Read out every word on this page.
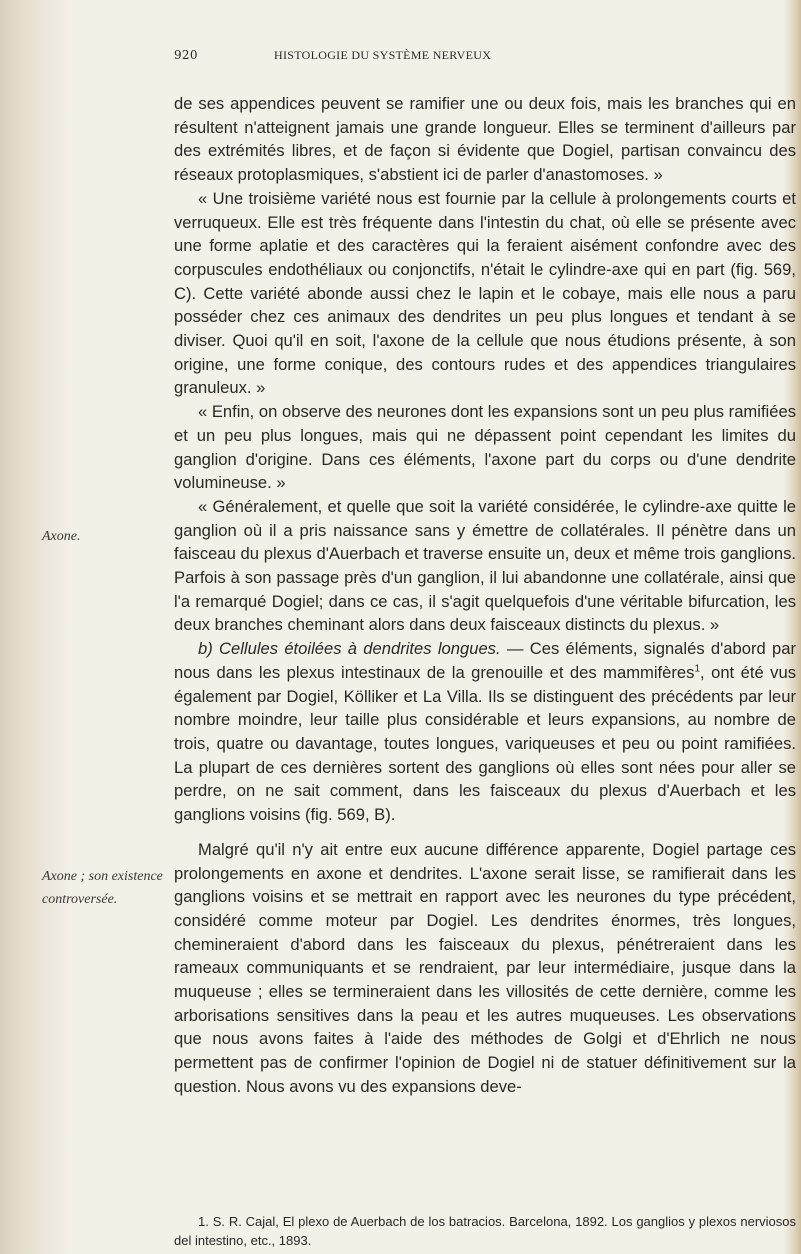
920	HISTOLOGIE DU SYSTÈME NERVEUX
Axone.
Axone ; son existence controversée.

de ses appendices peuvent se ramifier une ou deux fois, mais les branches qui en résultent n'atteignent jamais une grande longueur. Elles se terminent d'ailleurs par des extrémités libres, et de façon si évidente que Dogiel, partisan convaincu des réseaux protoplasmiques, s'abstient ici de parler d'anastomoses. »

« Une troisième variété nous est fournie par la cellule à prolongements courts et verruqueux. Elle est très fréquente dans l'intestin du chat, où elle se présente avec une forme aplatie et des caractères qui la feraient aisément confondre avec des corpuscules endothéliaux ou conjonctifs, n'était le cylindre-axe qui en part (fig. 569, C). Cette variété abonde aussi chez le lapin et le cobaye, mais elle nous a paru posséder chez ces animaux des dendrites un peu plus longues et tendant à se diviser. Quoi qu'il en soit, l'axone de la cellule que nous étudions présente, à son origine, une forme conique, des contours rudes et des appendices triangulaires granuleux. »

« Enfin, on observe des neurones dont les expansions sont un peu plus ramifiées et un peu plus longues, mais qui ne dépassent point cependant les limites du ganglion d'origine. Dans ces éléments, l'axone part du corps ou d'une dendrite volumineuse. »

« Généralement, et quelle que soit la variété considérée, le cylindre-axe quitte le ganglion où il a pris naissance sans y émettre de collatérales. Il pénètre dans un faisceau du plexus d'Auerbach et traverse ensuite un, deux et même trois ganglions. Parfois à son passage près d'un ganglion, il lui abandonne une collatérale, ainsi que l'a remarqué Dogiel; dans ce cas, il s'agit quelquefois d'une véritable bifurcation, les deux branches cheminant alors dans deux faisceaux distincts du plexus. »

b) Cellules étoilées à dendrites longues. — Ces éléments, signalés d'abord par nous dans les plexus intestinaux de la grenouille et des mammifères$^1$, ont été vus également par Dogiel, Kölliker et La Villa. Ils se distinguent des précédents par leur nombre moindre, leur taille plus considérable et leurs expansions, au nombre de trois, quatre ou davantage, toutes longues, variqueuses et peu ou point ramifiées. La plupart de ces dernières sortent des ganglions où elles sont nées pour aller se perdre, on ne sait comment, dans les faisceaux du plexus d'Auerbach et les ganglions voisins (fig. 569, B).

Malgré qu'il n'y ait entre eux aucune différence apparente, Dogiel partage ces prolongements en axone et dendrites. L'axone serait lisse, se ramifierait dans les ganglions voisins et se mettrait en rapport avec les neurones du type précédent, considéré comme moteur par Dogiel. Les dendrites énormes, très longues, chemineraient d'abord dans les faisceaux du plexus, pénétreraient dans les rameaux communiquants et se rendraient, par leur intermédiaire, jusque dans la muqueuse ; elles se termineraient dans les villosités de cette dernière, comme les arborisations sensitives dans la peau et les autres muqueuses. Les observations que nous avons faites à l'aide des méthodes de Golgi et d'Ehrlich ne nous permettent pas de confirmer l'opinion de Dogiel ni de statuer définitivement sur la question. Nous avons vu des expansions deve-

1. S. R. Cajal, El plexo de Auerbach de los batracios. Barcelona, 1892. Los ganglios y plexos nerviosos del intestino, etc., 1893.
